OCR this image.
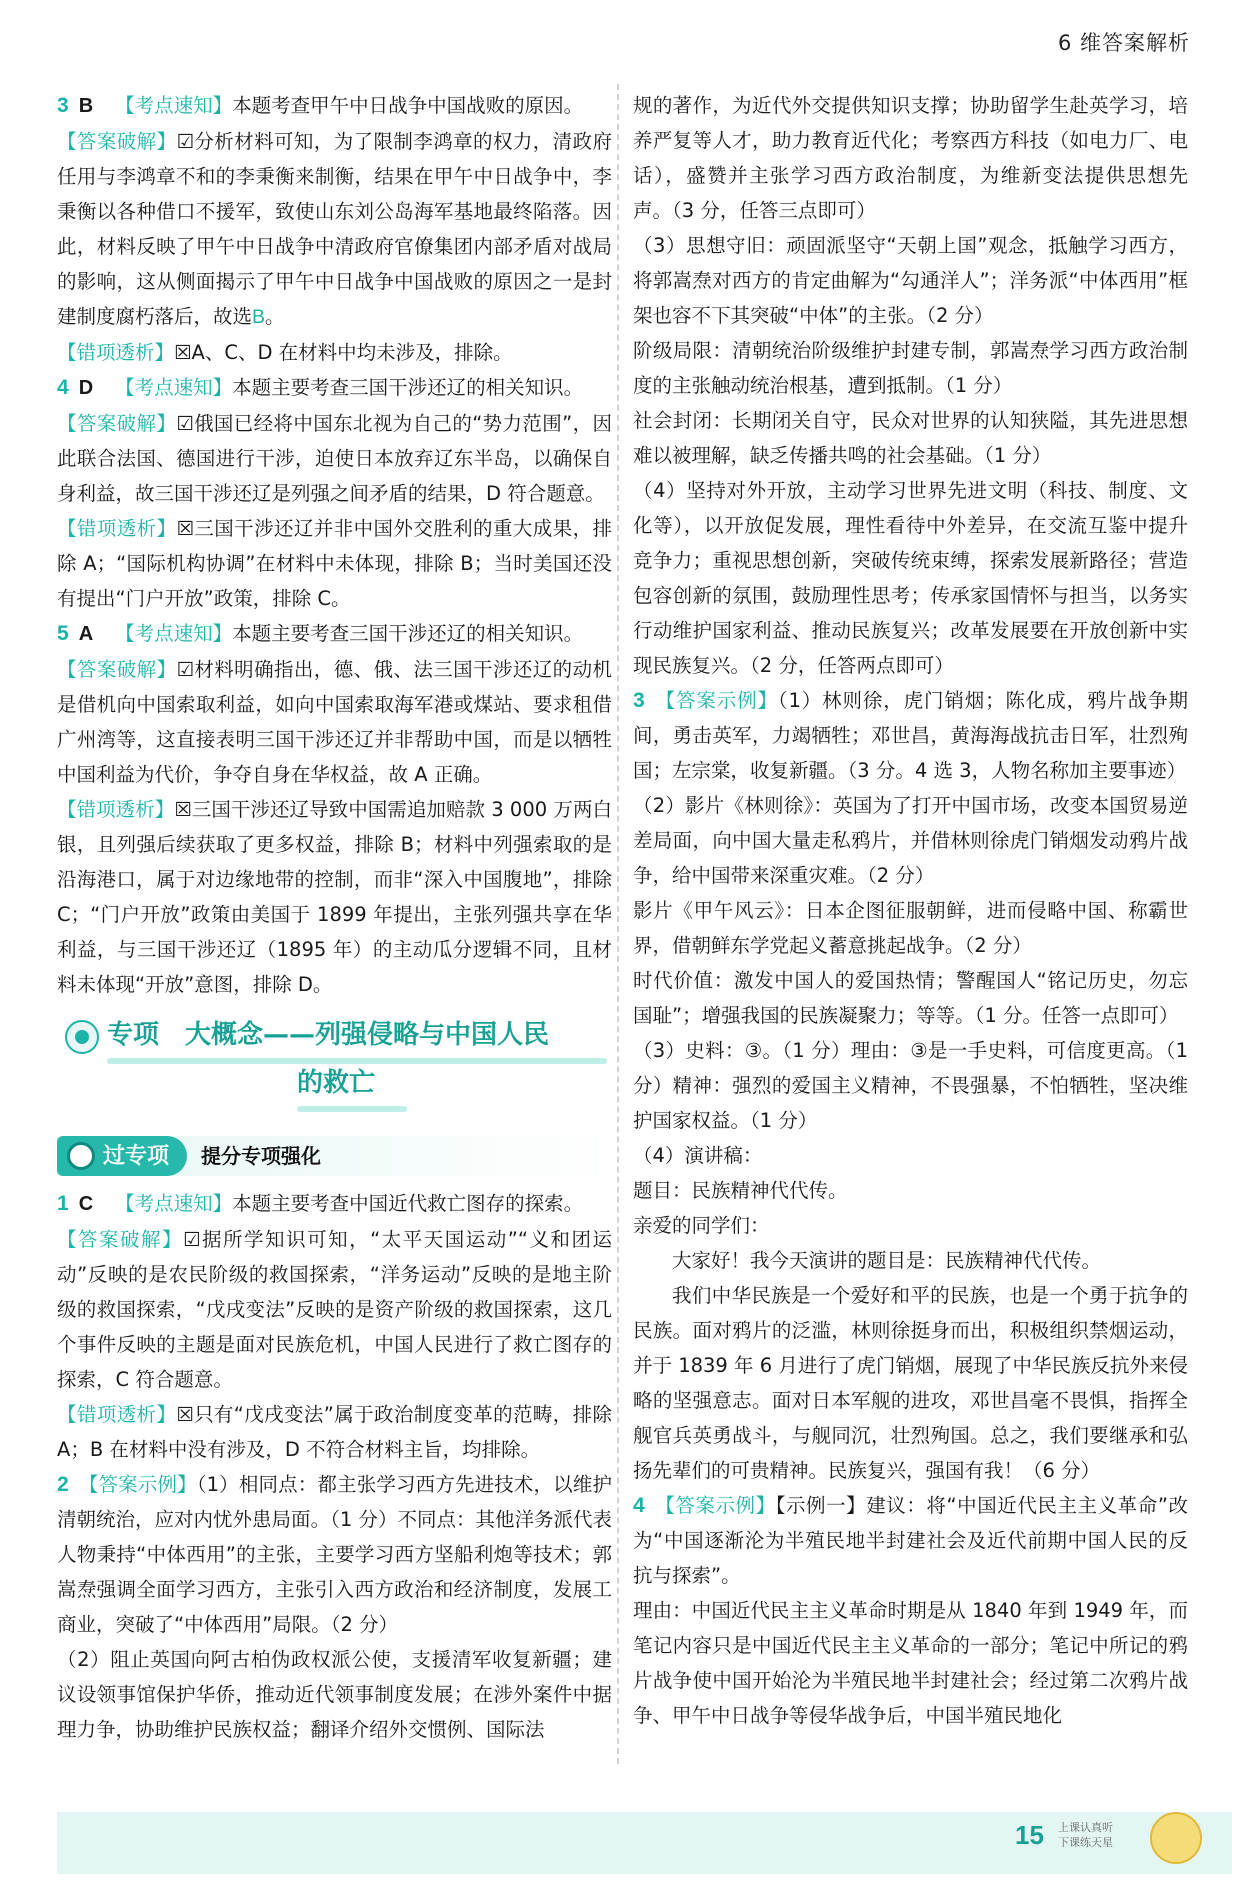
6 维答案解析

3 B 【考点速知】本题考查甲午中日战争中国战败的原因。

【答案破解】☑分析材料可知，为了限制李鸿章的权力，清政府任用与李鸿章不和的李秉衡来制衡，结果在甲午中日战争中，李秉衡以各种借口不援军，致使山东刘公岛海军基地最终陷落。因此，材料反映了甲午中日战争中清政府官僚集团内部矛盾对战局的影响，这从侧面揭示了甲午中日战争中国战败的原因之一是封建制度腐朽落后，故选B。

【错项透析】☒A、C、D 在材料中均未涉及，排除。

4 D 【考点速知】本题主要考查三国干涉还辽的相关知识。

【答案破解】☑俄国已经将中国东北视为自己的“势力范围”，因此联合法国、德国进行干涉，迫使日本放弃辽东半岛，以确保自身利益，故三国干涉还辽是列强之间矛盾的结果，D 符合题意。

【错项透析】☒三国干涉还辽并非中国外交胜利的重大成果，排除 A；“国际机构协调”在材料中未体现，排除 B；当时美国还没有提出“门户开放”政策，排除 C。

5 A 【考点速知】本题主要考查三国干涉还辽的相关知识。

【答案破解】☑材料明确指出，德、俄、法三国干涉还辽的动机是借机向中国索取利益，如向中国索取海军港或煤站、要求租借广州湾等，这直接表明三国干涉还辽并非帮助中国，而是以牺牲中国利益为代价，争夺自身在华权益，故 A 正确。

【错项透析】☒三国干涉还辽导致中国需追加赔款 3 000 万两白银，且列强后续获取了更多权益，排除 B；材料中列强索取的是沿海港口，属于对边缘地带的控制，而非“深入中国腹地”，排除 C；“门户开放”政策由美国于 1899 年提出，主张列强共享在华利益，与三国干涉还辽（1895 年）的主动瓜分逻辑不同，且材料未体现“开放”意图，排除 D。

专项　大概念——列强侵略与中国人民
的救亡
过专项 提分专项强化

1 C 【考点速知】本题主要考查中国近代救亡图存的探索。

【答案破解】☑据所学知识可知，“太平天国运动”“义和团运动”反映的是农民阶级的救国探索，“洋务运动”反映的是地主阶级的救国探索，“戊戌变法”反映的是资产阶级的救国探索，这几个事件反映的主题是面对民族危机，中国人民进行了救亡图存的探索，C 符合题意。

【错项透析】☒只有“戊戌变法”属于政治制度变革的范畴，排除 A；B 在材料中没有涉及，D 不符合材料主旨，均排除。

2 【答案示例】（1）相同点：都主张学习西方先进技术，以维护清朝统治，应对内忧外患局面。（1 分）不同点：其他洋务派代表人物秉持“中体西用”的主张，主要学习西方坚船利炮等技术；郭嵩焘强调全面学习西方，主张引入西方政治和经济制度，发展工商业，突破了“中体西用”局限。（2 分）

（2）阻止英国向阿古柏伪政权派公使，支援清军收复新疆；建议设领事馆保护华侨，推动近代领事制度发展；在涉外案件中据理力争，协助维护民族权益；翻译介绍外交惯例、国际法

规的著作，为近代外交提供知识支撑；协助留学生赴英学习，培养严复等人才，助力教育近代化；考察西方科技（如电力厂、电话），盛赞并主张学习西方政治制度，为维新变法提供思想先声。（3 分，任答三点即可）

（3）思想守旧：顽固派坚守“天朝上国”观念，抵触学习西方，将郭嵩焘对西方的肯定曲解为“勾通洋人”；洋务派“中体西用”框架也容不下其突破“中体”的主张。（2 分）

阶级局限：清朝统治阶级维护封建专制，郭嵩焘学习西方政治制度的主张触动统治根基，遭到抵制。（1 分）

社会封闭：长期闭关自守，民众对世界的认知狭隘，其先进思想难以被理解，缺乏传播共鸣的社会基础。（1 分）

（4）坚持对外开放，主动学习世界先进文明（科技、制度、文化等），以开放促发展，理性看待中外差异，在交流互鉴中提升竞争力；重视思想创新，突破传统束缚，探索发展新路径；营造包容创新的氛围，鼓励理性思考；传承家国情怀与担当，以务实行动维护国家利益、推动民族复兴；改革发展要在开放创新中实现民族复兴。（2 分，任答两点即可）

3 【答案示例】（1）林则徐，虎门销烟；陈化成，鸦片战争期间，勇击英军，力竭牺牲；邓世昌，黄海海战抗击日军，壮烈殉国；左宗棠，收复新疆。（3 分。4 选 3，人物名称加主要事迹）

（2）影片《林则徐》：英国为了打开中国市场，改变本国贸易逆差局面，向中国大量走私鸦片，并借林则徐虎门销烟发动鸦片战争，给中国带来深重灾难。（2 分）

影片《甲午风云》：日本企图征服朝鲜，进而侵略中国、称霸世界，借朝鲜东学党起义蓄意挑起战争。（2 分）

时代价值：激发中国人的爱国热情；警醒国人“铭记历史，勿忘国耻”；增强我国的民族凝聚力；等等。（1 分。任答一点即可）

（3）史料：③。（1 分）理由：③是一手史料，可信度更高。（1 分）精神：强烈的爱国主义精神，不畏强暴，不怕牺牲，坚决维护国家权益。（1 分）

（4）演讲稿：

题目：民族精神代代传。

亲爱的同学们：

大家好！我今天演讲的题目是：民族精神代代传。

我们中华民族是一个爱好和平的民族，也是一个勇于抗争的民族。面对鸦片的泛滥，林则徐挺身而出，积极组织禁烟运动，并于 1839 年 6 月进行了虎门销烟，展现了中华民族反抗外来侵略的坚强意志。面对日本军舰的进攻，邓世昌毫不畏惧，指挥全舰官兵英勇战斗，与舰同沉，壮烈殉国。总之，我们要继承和弘扬先辈们的可贵精神。民族复兴，强国有我！（6 分）

4 【答案示例】【示例一】建议：将“中国近代民主主义革命”改为“中国逐渐沦为半殖民地半封建社会及近代前期中国人民的反抗与探索”。

理由：中国近代民主主义革命时期是从 1840 年到 1949 年，而笔记内容只是中国近代民主主义革命的一部分；笔记中所记的鸦片战争使中国开始沦为半殖民地半封建社会；经过第二次鸦片战争、甲午中日战争等侵华战争后，中国半殖民地化

15 上课认真听
下课练天星
